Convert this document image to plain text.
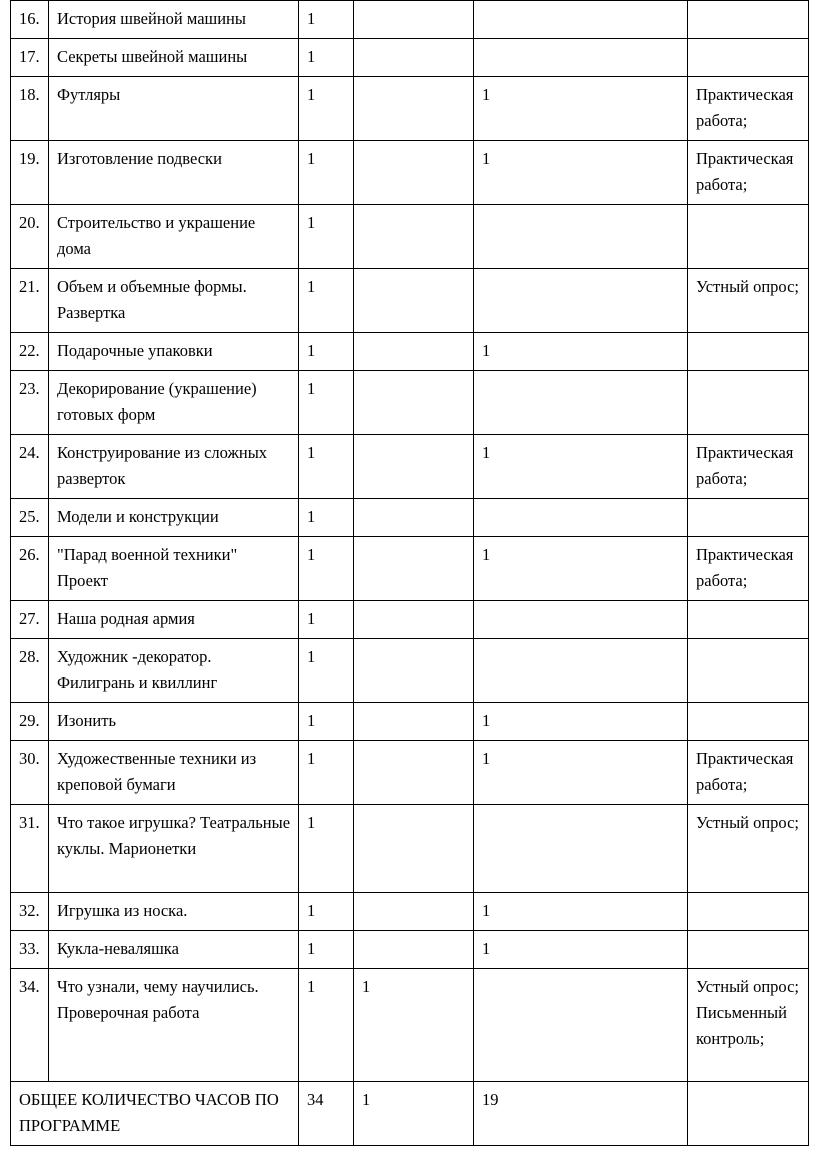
16.	История швейной машины	1			
17.	Секреты швейной машины	1			
18.	Футляры	1		1	Практическая работа;
19.	Изготовление подвески	1		1	Практическая работа;
20.	Строительство и украшение дома	1			
21.	Объем и объемные формы. Развертка	1			Устный опрос;
22.	Подарочные упаковки	1		1	
23.	Декорирование (украшение) готовых форм	1			
24.	Конструирование из сложных разверток	1		1	Практическая работа;
25.	Модели и конструкции	1			
26.	"Парад военной техники" Проект	1		1	Практическая работа;
27.	Наша родная армия	1			
28.	Художник -декоратор. Филигрань и квиллинг	1			
29.	Изонить	1		1	
30.	Художественные техники из креповой бумаги	1		1	Практическая работа;
31.	Что такое игрушка? Театральные куклы. Марионетки	1			Устный опрос;
32.	Игрушка из носка.	1		1	
33.	Кукла-неваляшка	1		1	
34.	Что узнали, чему научились. Проверочная работа	1	1		Устный опрос; Письменный контроль;
ОБЩЕЕ КОЛИЧЕСТВО ЧАСОВ ПО ПРОГРАММЕ		34	1	19	
